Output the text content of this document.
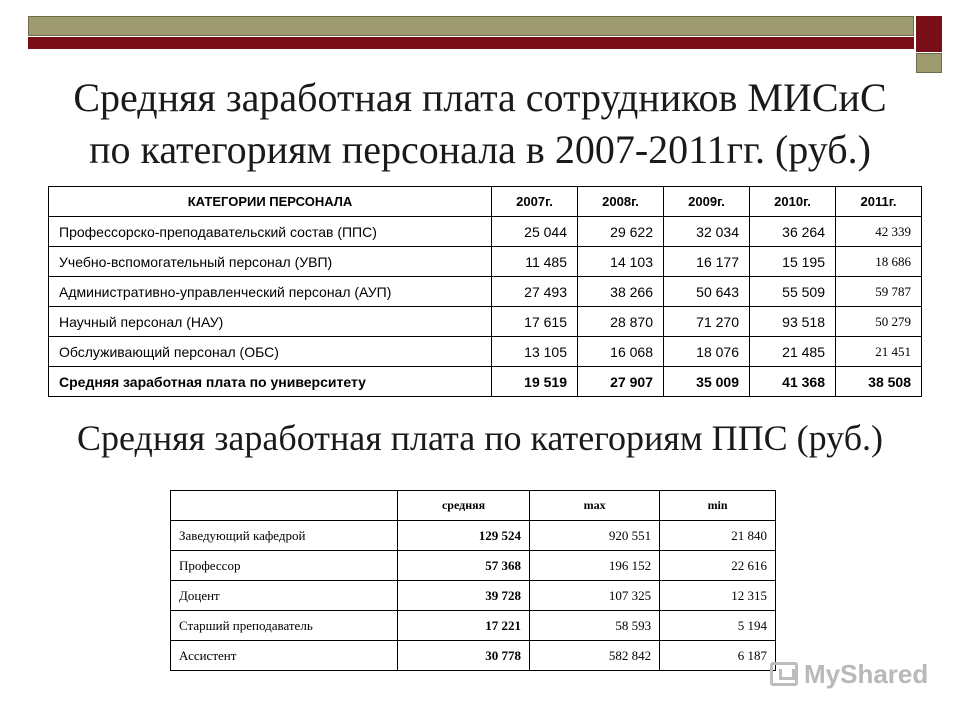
Средняя заработная плата сотрудников МИСиС
по категориям персонала в 2007-2011гг. (руб.)
КАТЕГОРИИ ПЕРСОНАЛА	2007г.	2008г.	2009г.	2010г.	2011г.
Профессорско-преподавательский состав (ППС)	25 044	29 622	32 034	36 264	42 339
Учебно-вспомогательный персонал (УВП)	11 485	14 103	16 177	15 195	18 686
Административно-управленческий персонал (АУП)	27 493	38 266	50 643	55 509	59 787
Научный персонал (НАУ)	17 615	28 870	71 270	93 518	50 279
Обслуживающий персонал (ОБС)	13 105	16 068	18 076	21 485	21 451
Средняя заработная плата по университету	19 519	27 907	35 009	41 368	38 508
Средняя заработная плата по категориям ППС (руб.)
	средняя	max	min
Заведующий кафедрой	129 524	920 551	21 840
Профессор	57 368	196 152	22 616
Доцент	39 728	107 325	12 315
Старший преподаватель	17 221	58 593	5 194
Ассистент	30 778	582 842	6 187
MyShared
